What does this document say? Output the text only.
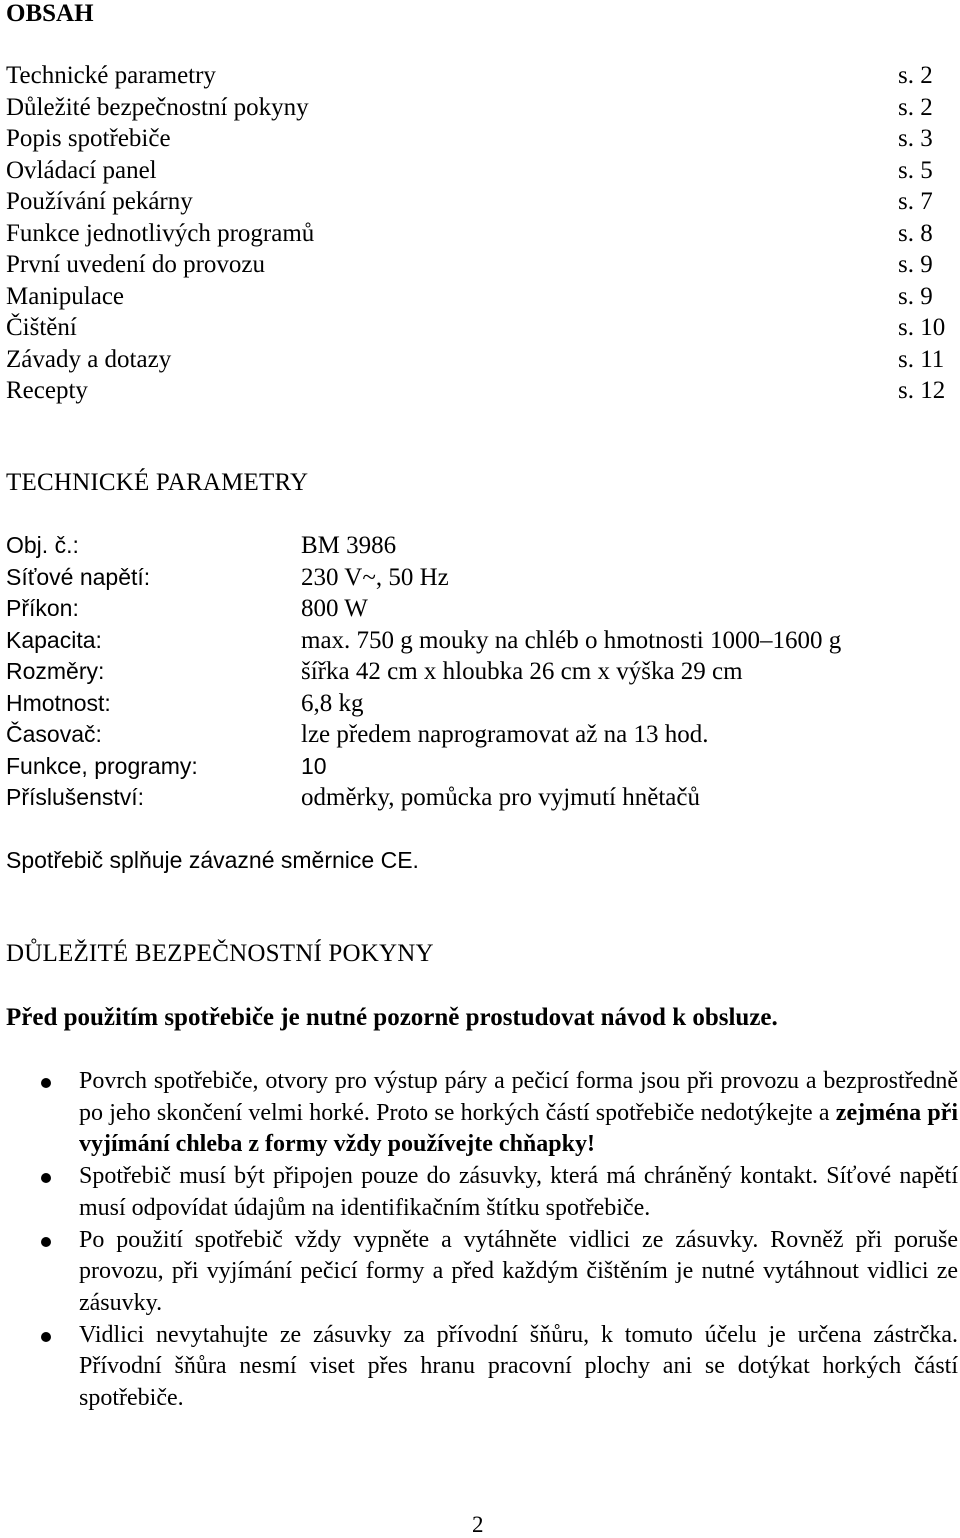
OBSAH
Technické parametry	s. 2
Důležité bezpečnostní pokyny	s. 2
Popis spotřebiče	s. 3
Ovládací panel	s. 5
Používání pekárny	s. 7
Funkce jednotlivých programů	s. 8
První uvedení do provozu	s. 9
Manipulace	s. 9
Čištění	s. 10
Závady a dotazy	s. 11
Recepty	s. 12
TECHNICKÉ PARAMETRY
Obj. č.:	BM 3986
Síťové napětí:	230 V~, 50 Hz
Příkon:	800 W
Kapacita:	max. 750 g mouky na chléb o hmotnosti 1000–1600 g
Rozměry:	šířka 42 cm x hloubka 26 cm x výška 29 cm
Hmotnost:	6,8 kg
Časovač:	lze předem naprogramovat až na 13 hod.
Funkce, programy:	10
Příslušenství:	odměrky, pomůcka pro vyjmutí hnětačů
Spotřebič splňuje závazné směrnice CE.
DŮLEŽITÉ BEZPEČNOSTNÍ POKYNY
Před použitím spotřebiče je nutné pozorně prostudovat návod k obsluze.
Povrch spotřebiče, otvory pro výstup páry a pečicí forma jsou při provozu a bezprostředně po jeho skončení velmi horké. Proto se horkých částí spotřebiče nedotýkejte a zejména při vyjímání chleba z formy vždy používejte chňapky!
Spotřebič musí být připojen pouze do zásuvky, která má chráněný kontakt. Síťové napětí musí odpovídat údajům na identifikačním štítku spotřebiče.
Po použití spotřebič vždy vypněte a vytáhněte vidlici ze zásuvky. Rovněž při poruše provozu, při vyjímání pečicí formy a před každým čištěním je nutné vytáhnout vidlici ze zásuvky.
Vidlici nevytahujte ze zásuvky za přívodní šňůru, k tomuto účelu je určena zástrčka. Přívodní šňůra nesmí viset přes hranu pracovní plochy ani se dotýkat horkých částí spotřebiče.
2
